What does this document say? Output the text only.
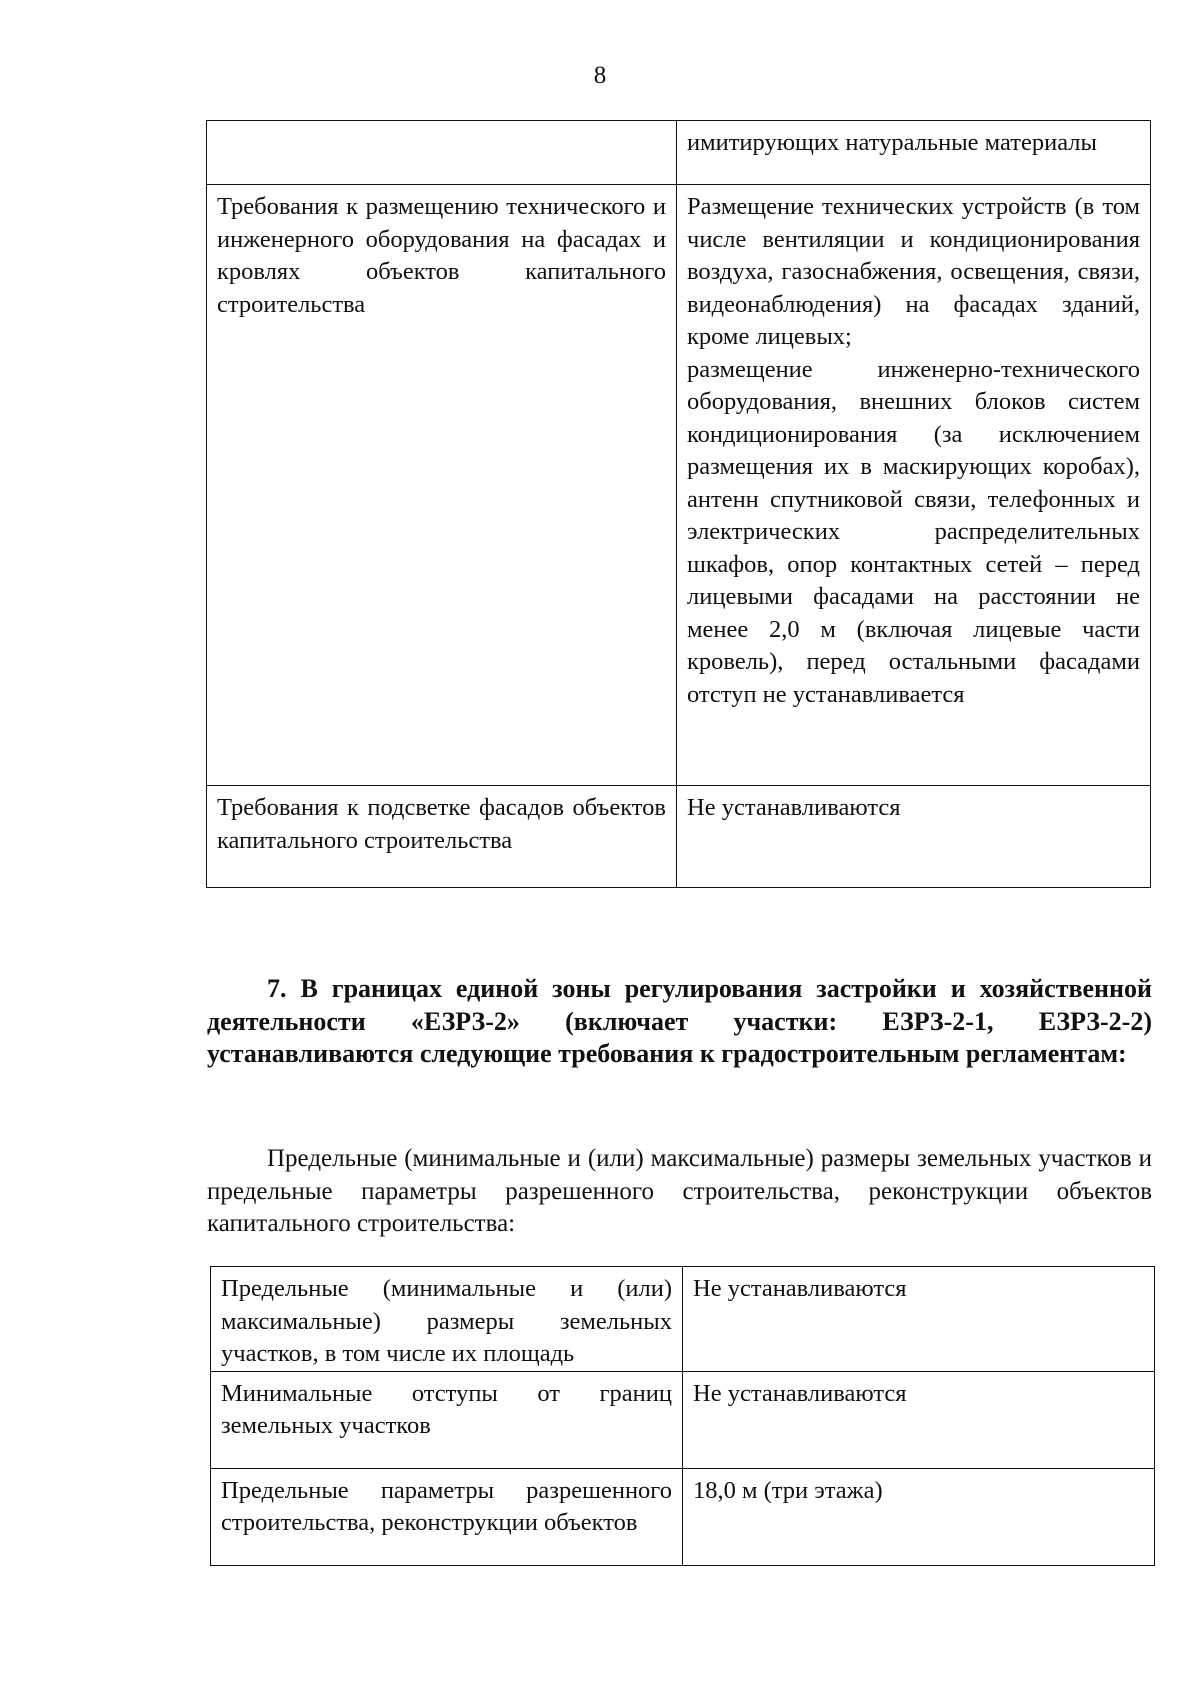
8
	имитирующих натуральные материалы
Требования к размещению технического и инженерного оборудования на фасадах и кровлях объектов капитального строительства	Размещение технических устройств (в том числе вентиляции и кондиционирования воздуха, газоснабжения, освещения, связи, видеонаблюдения) на фасадах зданий, кроме лицевых;
размещение инженерно-технического оборудования, внешних блоков систем кондиционирования (за исключением размещения их в маскирующих коробах), антенн спутниковой связи, телефонных и электрических распределительных шкафов, опор контактных сетей – перед лицевыми фасадами на расстоянии не менее 2,0 м (включая лицевые части кровель), перед остальными фасадами отступ не устанавливается

Требования к подсветке фасадов объектов капитального строительства	Не устанавливаются

7. В границах единой зоны регулирования застройки и хозяйственной деятельности «ЕЗРЗ-2» (включает участки: ЕЗРЗ-2-1, ЕЗРЗ-2-2) устанавливаются следующие требования к градостроительным регламентам:

Предельные (минимальные и (или) максимальные) размеры земельных участков и предельные параметры разрешенного строительства, реконструкции объектов капитального строительства:

Предельные (минимальные и (или) максимальные) размеры земельных участков, в том числе их площадь	Не устанавливаются
Минимальные отступы от границ земельных участков	Не устанавливаются
Предельные параметры разрешенного строительства, реконструкции объектов	18,0 м (три этажа)
